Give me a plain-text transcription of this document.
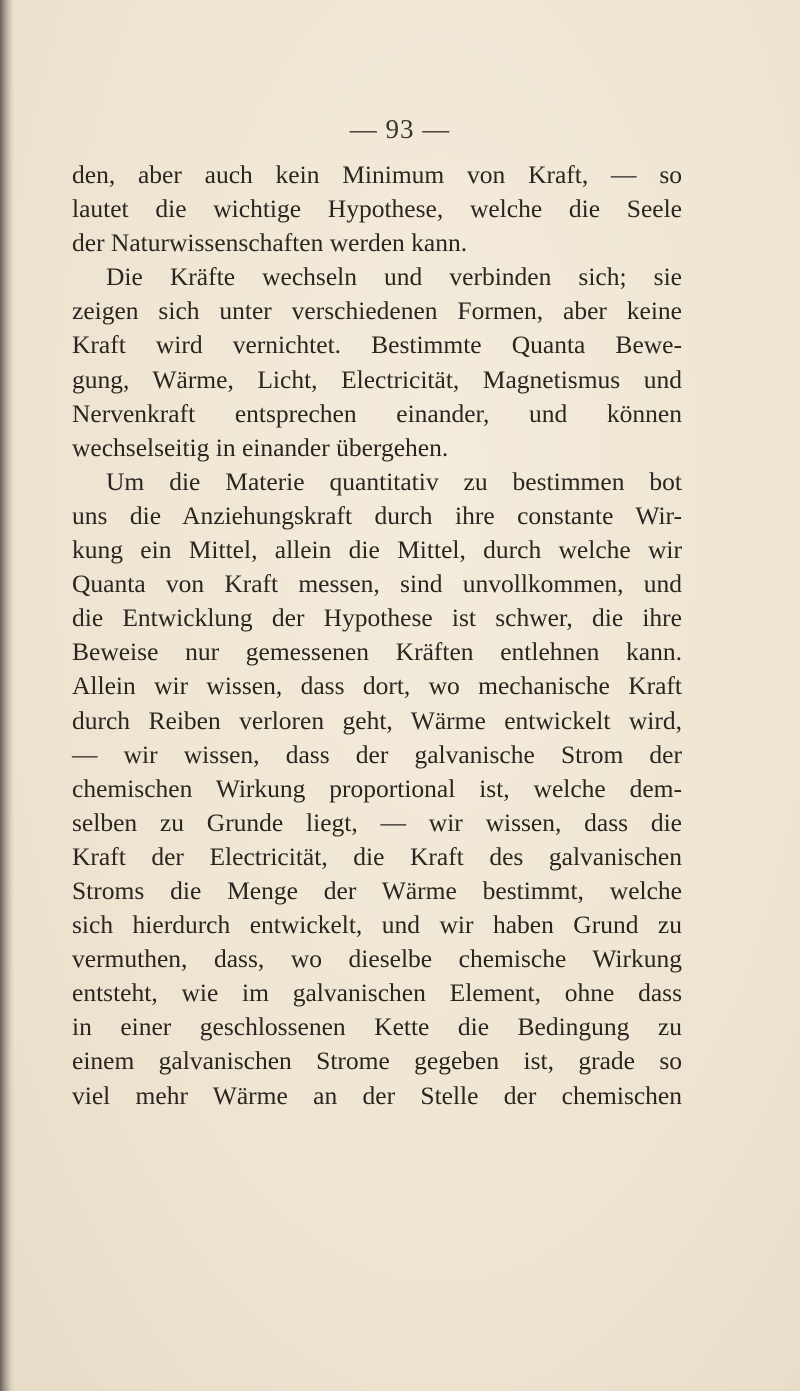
— 93 —
den, aber auch kein Minimum von Kraft, — so
lautet die wichtige Hypothese, welche die Seele
der Naturwissenschaften werden kann.
Die Kräfte wechseln und verbinden sich; sie
zeigen sich unter verschiedenen Formen, aber keine
Kraft wird vernichtet. Bestimmte Quanta Bewe-
gung, Wärme, Licht, Electricität, Magnetismus und
Nervenkraft entsprechen einander, und können
wechselseitig in einander übergehen.
Um die Materie quantitativ zu bestimmen bot
uns die Anziehungskraft durch ihre constante Wir-
kung ein Mittel, allein die Mittel, durch welche wir
Quanta von Kraft messen, sind unvollkommen, und
die Entwicklung der Hypothese ist schwer, die ihre
Beweise nur gemessenen Kräften entlehnen kann.
Allein wir wissen, dass dort, wo mechanische Kraft
durch Reiben verloren geht, Wärme entwickelt wird,
— wir wissen, dass der galvanische Strom der
chemischen Wirkung proportional ist, welche dem-
selben zu Grunde liegt, — wir wissen, dass die
Kraft der Electricität, die Kraft des galvanischen
Stroms die Menge der Wärme bestimmt, welche
sich hierdurch entwickelt, und wir haben Grund zu
vermuthen, dass, wo dieselbe chemische Wirkung
entsteht, wie im galvanischen Element, ohne dass
in einer geschlossenen Kette die Bedingung zu
einem galvanischen Strome gegeben ist, grade so
viel mehr Wärme an der Stelle der chemischen
